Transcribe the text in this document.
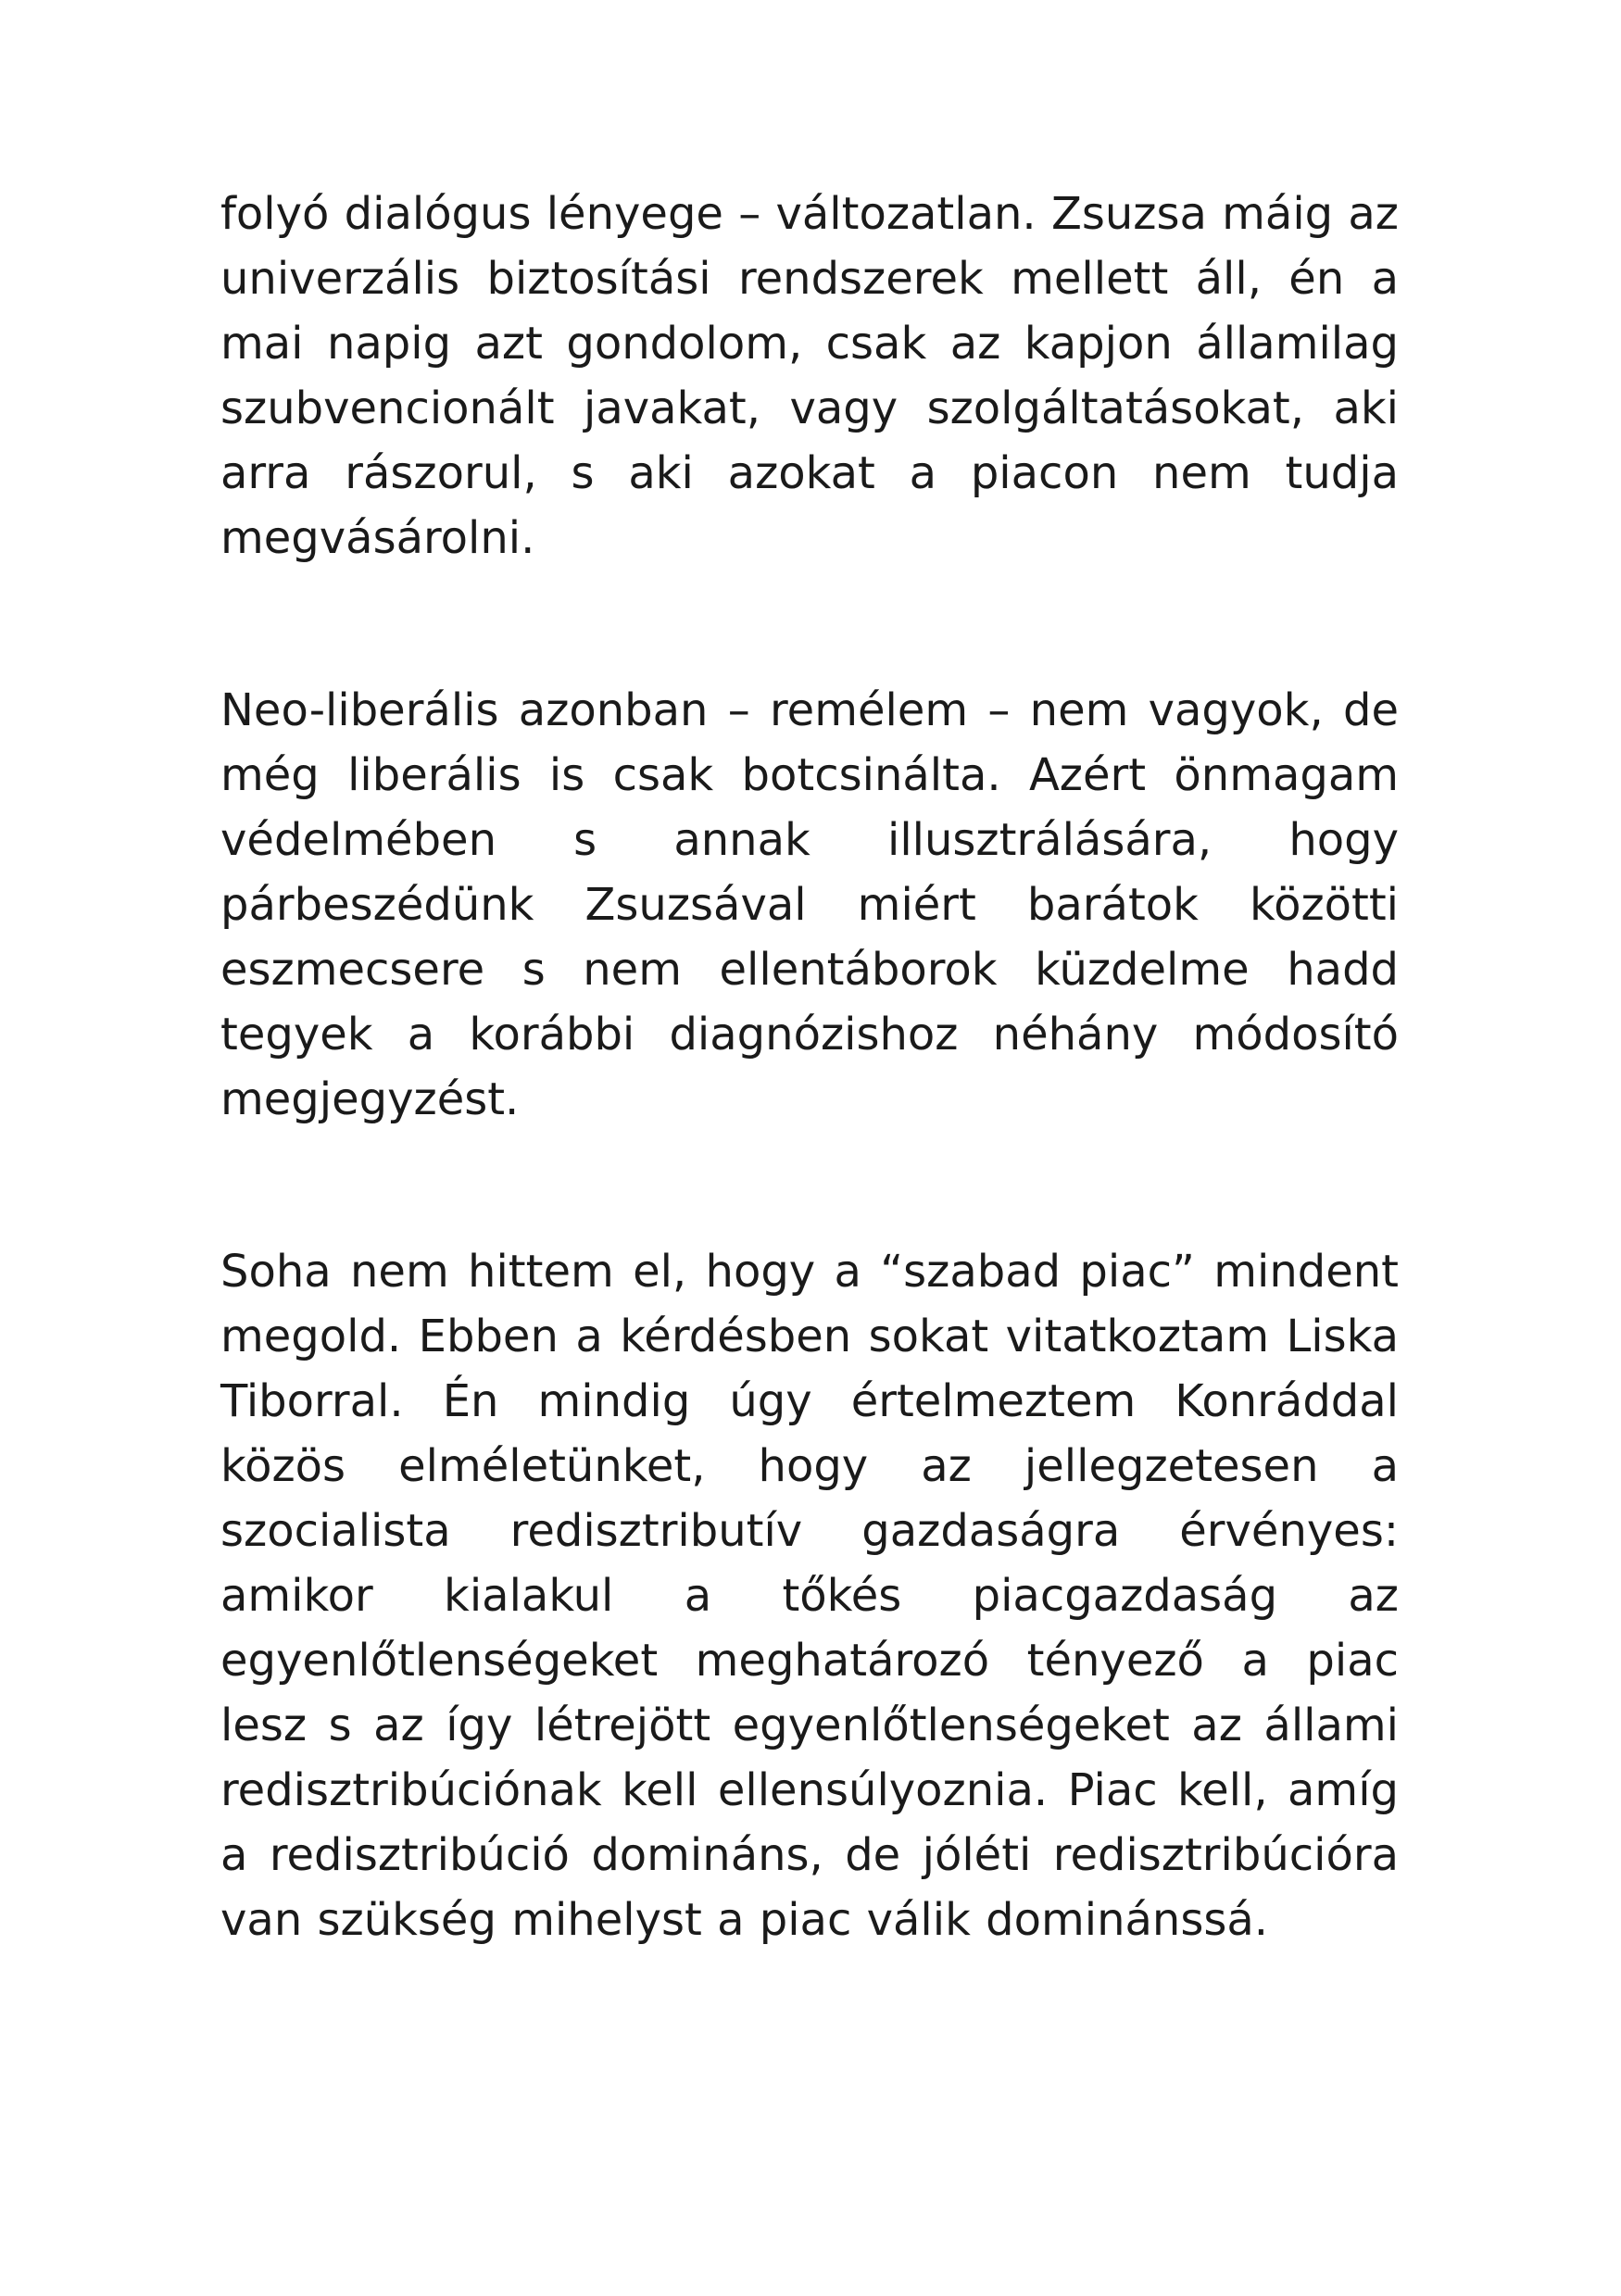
folyó dialógus lényege – változatlan. Zsuzsa máig az univerzális biztosítási rendszerek mellett áll, én a mai napig azt gondolom, csak az kapjon államilag szubvencionált javakat, vagy szolgáltatásokat, aki arra rászorul, s aki azokat a piacon nem tudja megvásárolni.

Neo-liberális azonban – remélem – nem vagyok, de még liberális is csak botcsinálta. Azért önmagam védelmében s annak illusztrálására, hogy párbeszédünk Zsuzsával miért barátok közötti eszmecsere s nem ellentáborok küzdelme hadd tegyek a korábbi diagnózishoz néhány módosító megjegyzést.

Soha nem hittem el, hogy a “szabad piac” mindent megold. Ebben a kérdésben sokat vitatkoztam Liska Tiborral. Én mindig úgy értelmeztem Konráddal közös elméletünket, hogy az jellegzetesen a szocialista redisztributív gazdaságra érvényes: amikor kialakul a tőkés piacgazdaság az egyenlőtlenségeket meghatározó tényező a piac lesz s az így létrejött egyenlőtlenségeket az állami redisztribúciónak kell ellensúlyoznia. Piac kell, amíg a redisztribúció domináns, de jóléti redisztribúcióra van szükség mihelyst a piac válik dominánssá.
